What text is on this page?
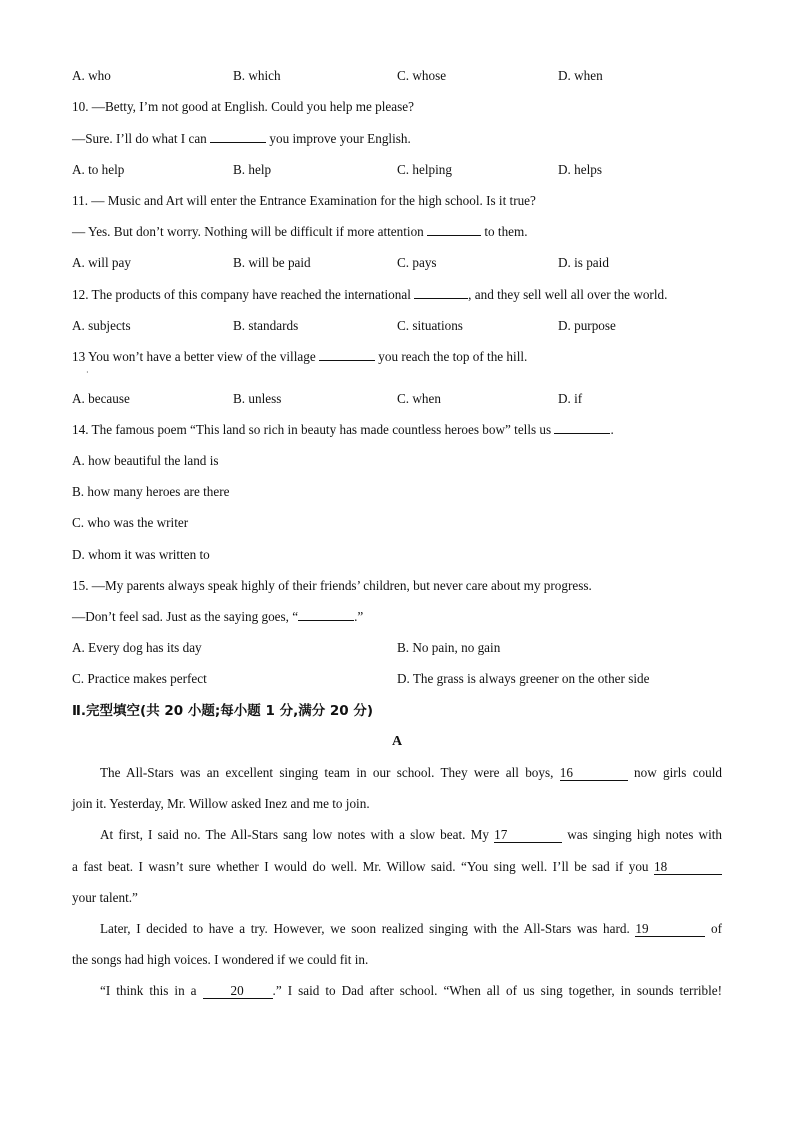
A. who	B. which	C. whose	D. when
10. —Betty, I’m not good at English. Could you help me please?
—Sure. I’ll do what I can	you improve your English.
A. to help	B. help	C. helping	D. helps
11. — Music and Art will enter the Entrance Examination for the high school. Is it true?
— Yes. But don’t worry. Nothing will be difficult if more attention	to them.
A. will pay	B. will be paid	C. pays	D. is paid
12. The products of this company have reached the international	, and they sell well all over the world.
A. subjects	B. standards	C. situations	D. purpose
13 You won’t have a better view of the village	you reach the top of the hill.
·
A. because	B. unless	C. when	D. if
14. The famous poem “This land so rich in beauty has made countless heroes bow” tells us	.
A. how beautiful the land is
B. how many heroes are there
C. who was the writer
D. whom it was written to
15. —My parents always speak highly of their friends’ children, but never care about my progress.
—Don’t feel sad. Just as the saying goes, “	.”
A. Every dog has its day	B. No pain, no gain
C. Practice makes perfect	D. The grass is always greener on the other side
Ⅱ.完型填空(共 20 小题;每小题 1 分,满分 20 分)
A
The All-Stars was an excellent singing team in our school. They were all boys, 16	now girls could
join it. Yesterday, Mr. Willow asked Inez and me to join.
At first, I said no. The All-Stars sang low notes with a slow beat. My 17	was singing high notes with
a fast beat. I wasn’t sure whether I would do well. Mr. Willow said. “You sing well. I’ll be sad if you 18
your talent.”
Later, I decided to have a try. However, we soon realized singing with the All-Stars was hard. 19	of
the songs had high voices. I wondered if we could fit in.
“I think this in a	20 .” I said to Dad after school. “When all of us sing together, in sounds terrible!
